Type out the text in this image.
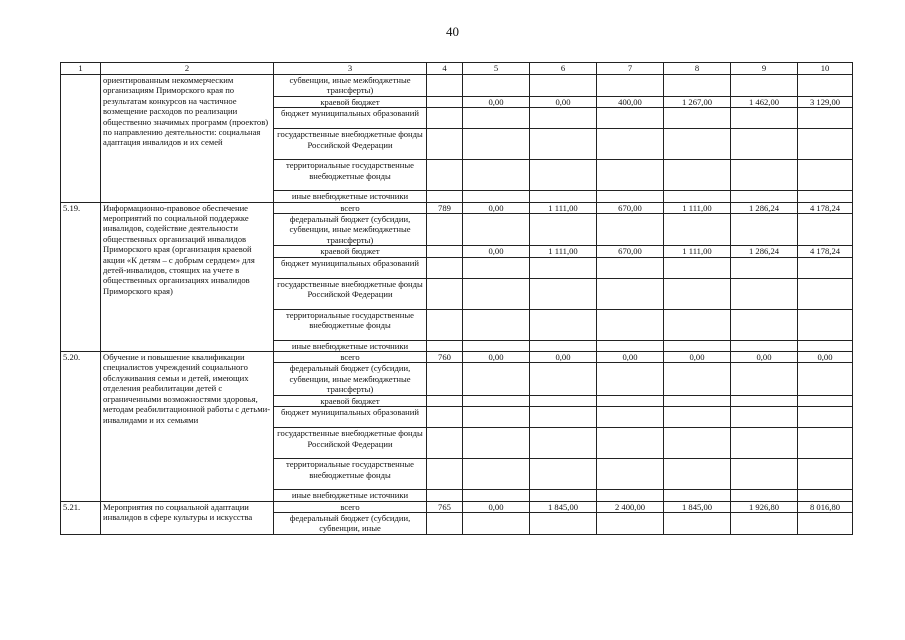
40
1	2	3	4	5	6	7	8	9	10
	ориентированным некоммерческим организациям Приморского края по результатам конкурсов на частичное возмещение расходов по реализации общественно значимых программ (проектов) по направлению деятельности: социальная адаптация инвалидов и их семей	субвенции, иные межбюджетные трансферты)							
		краевой бюджет		0,00	0,00	400,00	1 267,00	1 462,00	3 129,00
		бюджет муниципальных образований							
		государственные внебюджетные фонды Российской Федерации							
		территориальные государственные внебюджетные фонды							
		иные внебюджетные источники							
5.19.	Информационно-правовое обеспечение мероприятий по социальной поддержке инвалидов, содействие деятельности общественных организаций инвалидов Приморского края (организация краевой акции «К детям – с добрым сердцем» для детей-инвалидов, стоящих на учете в общественных организациях инвалидов Приморского края)	всего	789	0,00	1 111,00	670,00	1 111,00	1 286,24	4 178,24
		федеральный бюджет (субсидии, субвенции, иные межбюджетные трансферты)							
		краевой бюджет		0,00	1 111,00	670,00	1 111,00	1 286,24	4 178,24
		бюджет муниципальных образований							
		государственные внебюджетные фонды Российской Федерации							
		территориальные государственные внебюджетные фонды							
		иные внебюджетные источники							
5.20.	Обучение и повышение квалификации специалистов учреждений социального обслуживания семьи и детей, имеющих отделения реабилитации детей с ограниченными возможностями здоровья, методам реабилитационной работы с детьми-инвалидами и их семьями	всего	760	0,00	0,00	0,00	0,00	0,00	0,00
		федеральный бюджет (субсидии, субвенции, иные межбюджетные трансферты)							
		краевой бюджет							
		бюджет муниципальных образований							
		государственные внебюджетные фонды Российской Федерации							
		территориальные государственные внебюджетные фонды							
		иные внебюджетные источники							
5.21.	Мероприятия по социальной адаптации инвалидов в сфере культуры и искусства	всего	765	0,00	1 845,00	2 400,00	1 845,00	1 926,80	8 016,80
		федеральный бюджет (субсидии, субвенции, иные							
